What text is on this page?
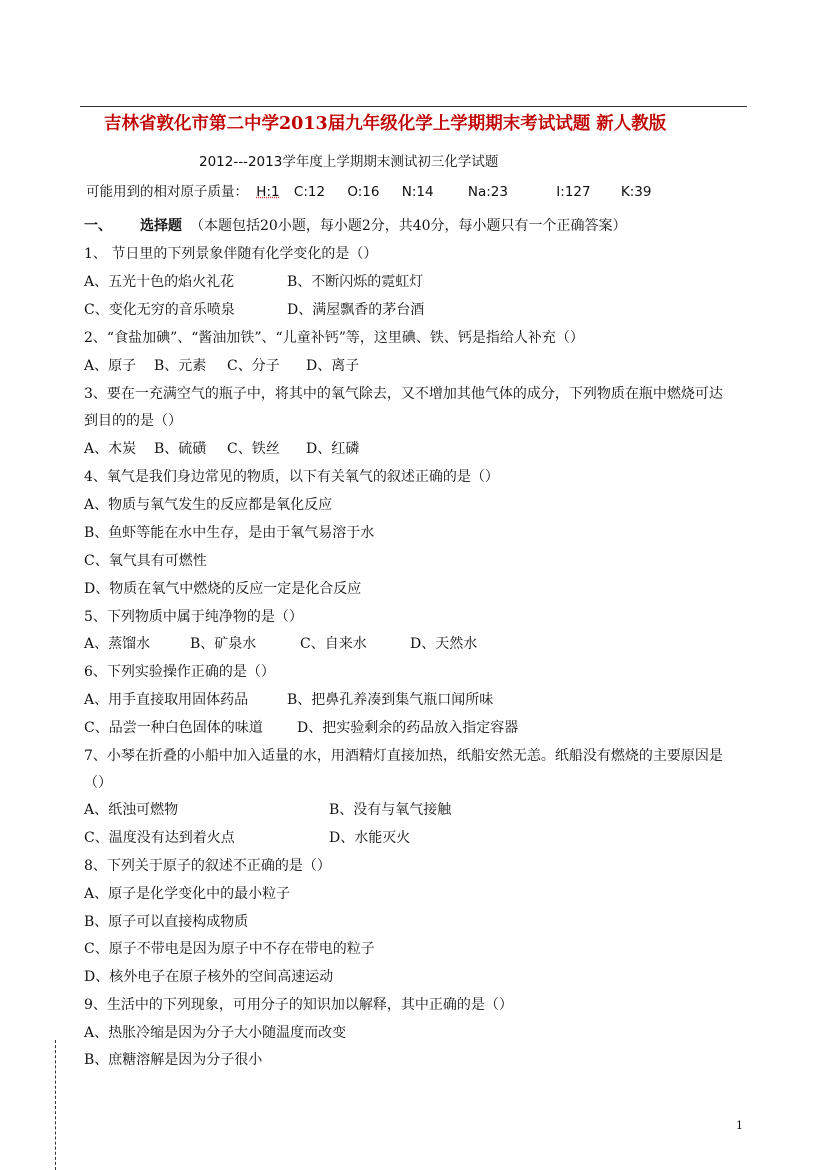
吉林省敦化市第二中学2013届九年级化学上学期期末考试试题 新人教版
2012---2013学年度上学期期末测试初三化学试题
可能用到的相对原子质量： H:1 C:12 O:16 N:14	Na:23	I:127 K:39
一、 选择题 （本题包括20小题，每小题2分，共40分，每小题只有一个正确答案）
1、 节日里的下列景象伴随有化学变化的是（）
A、五光十色的焰火礼花	B、不断闪烁的霓虹灯
C、变化无穷的音乐喷泉	D、满屋飘香的茅台酒
2、“食盐加碘”、“酱油加铁”、“儿童补钙”等，这里碘、铁、钙是指给人补充（）
A、原子 B、元素 C、分子 D、离子
3、要在一充满空气的瓶子中，将其中的氧气除去，又不增加其他气体的成分，下列物质在瓶中燃烧可达
到目的的是（）
A、木炭 B、硫磺 C、铁丝 D、红磷
4、氧气是我们身边常见的物质，以下有关氧气的叙述正确的是（）
A、物质与氧气发生的反应都是氧化反应
B、鱼虾等能在水中生存，是由于氧气易溶于水
C、氧气具有可燃性
D、物质在氧气中燃烧的反应一定是化合反应
5、下列物质中属于纯净物的是（）
A、蒸馏水	B、矿泉水	C、自来水	D、天然水
6、下列实验操作正确的是（）
A、用手直接取用固体药品	B、把鼻孔养凑到集气瓶口闻所味
C、品尝一种白色固体的味道 D、把实验剩余的药品放入指定容器
7、小琴在折叠的小船中加入适量的水，用酒精灯直接加热，纸船安然无恙。纸船没有燃烧的主要原因是
（）
A、纸浊可燃物	B、没有与氧气接触
C、温度没有达到着火点	D、水能灭火
8、下列关于原子的叙述不正确的是（）
A、原子是化学变化中的最小粒子
B、原子可以直接构成物质
C、原子不带电是因为原子中不存在带电的粒子
D、核外电子在原子核外的空间高速运动
9、生活中的下列现象，可用分子的知识加以解释，其中正确的是（）
A、热胀冷缩是因为分子大小随温度而改变
B、庶糖溶解是因为分子很小
1
